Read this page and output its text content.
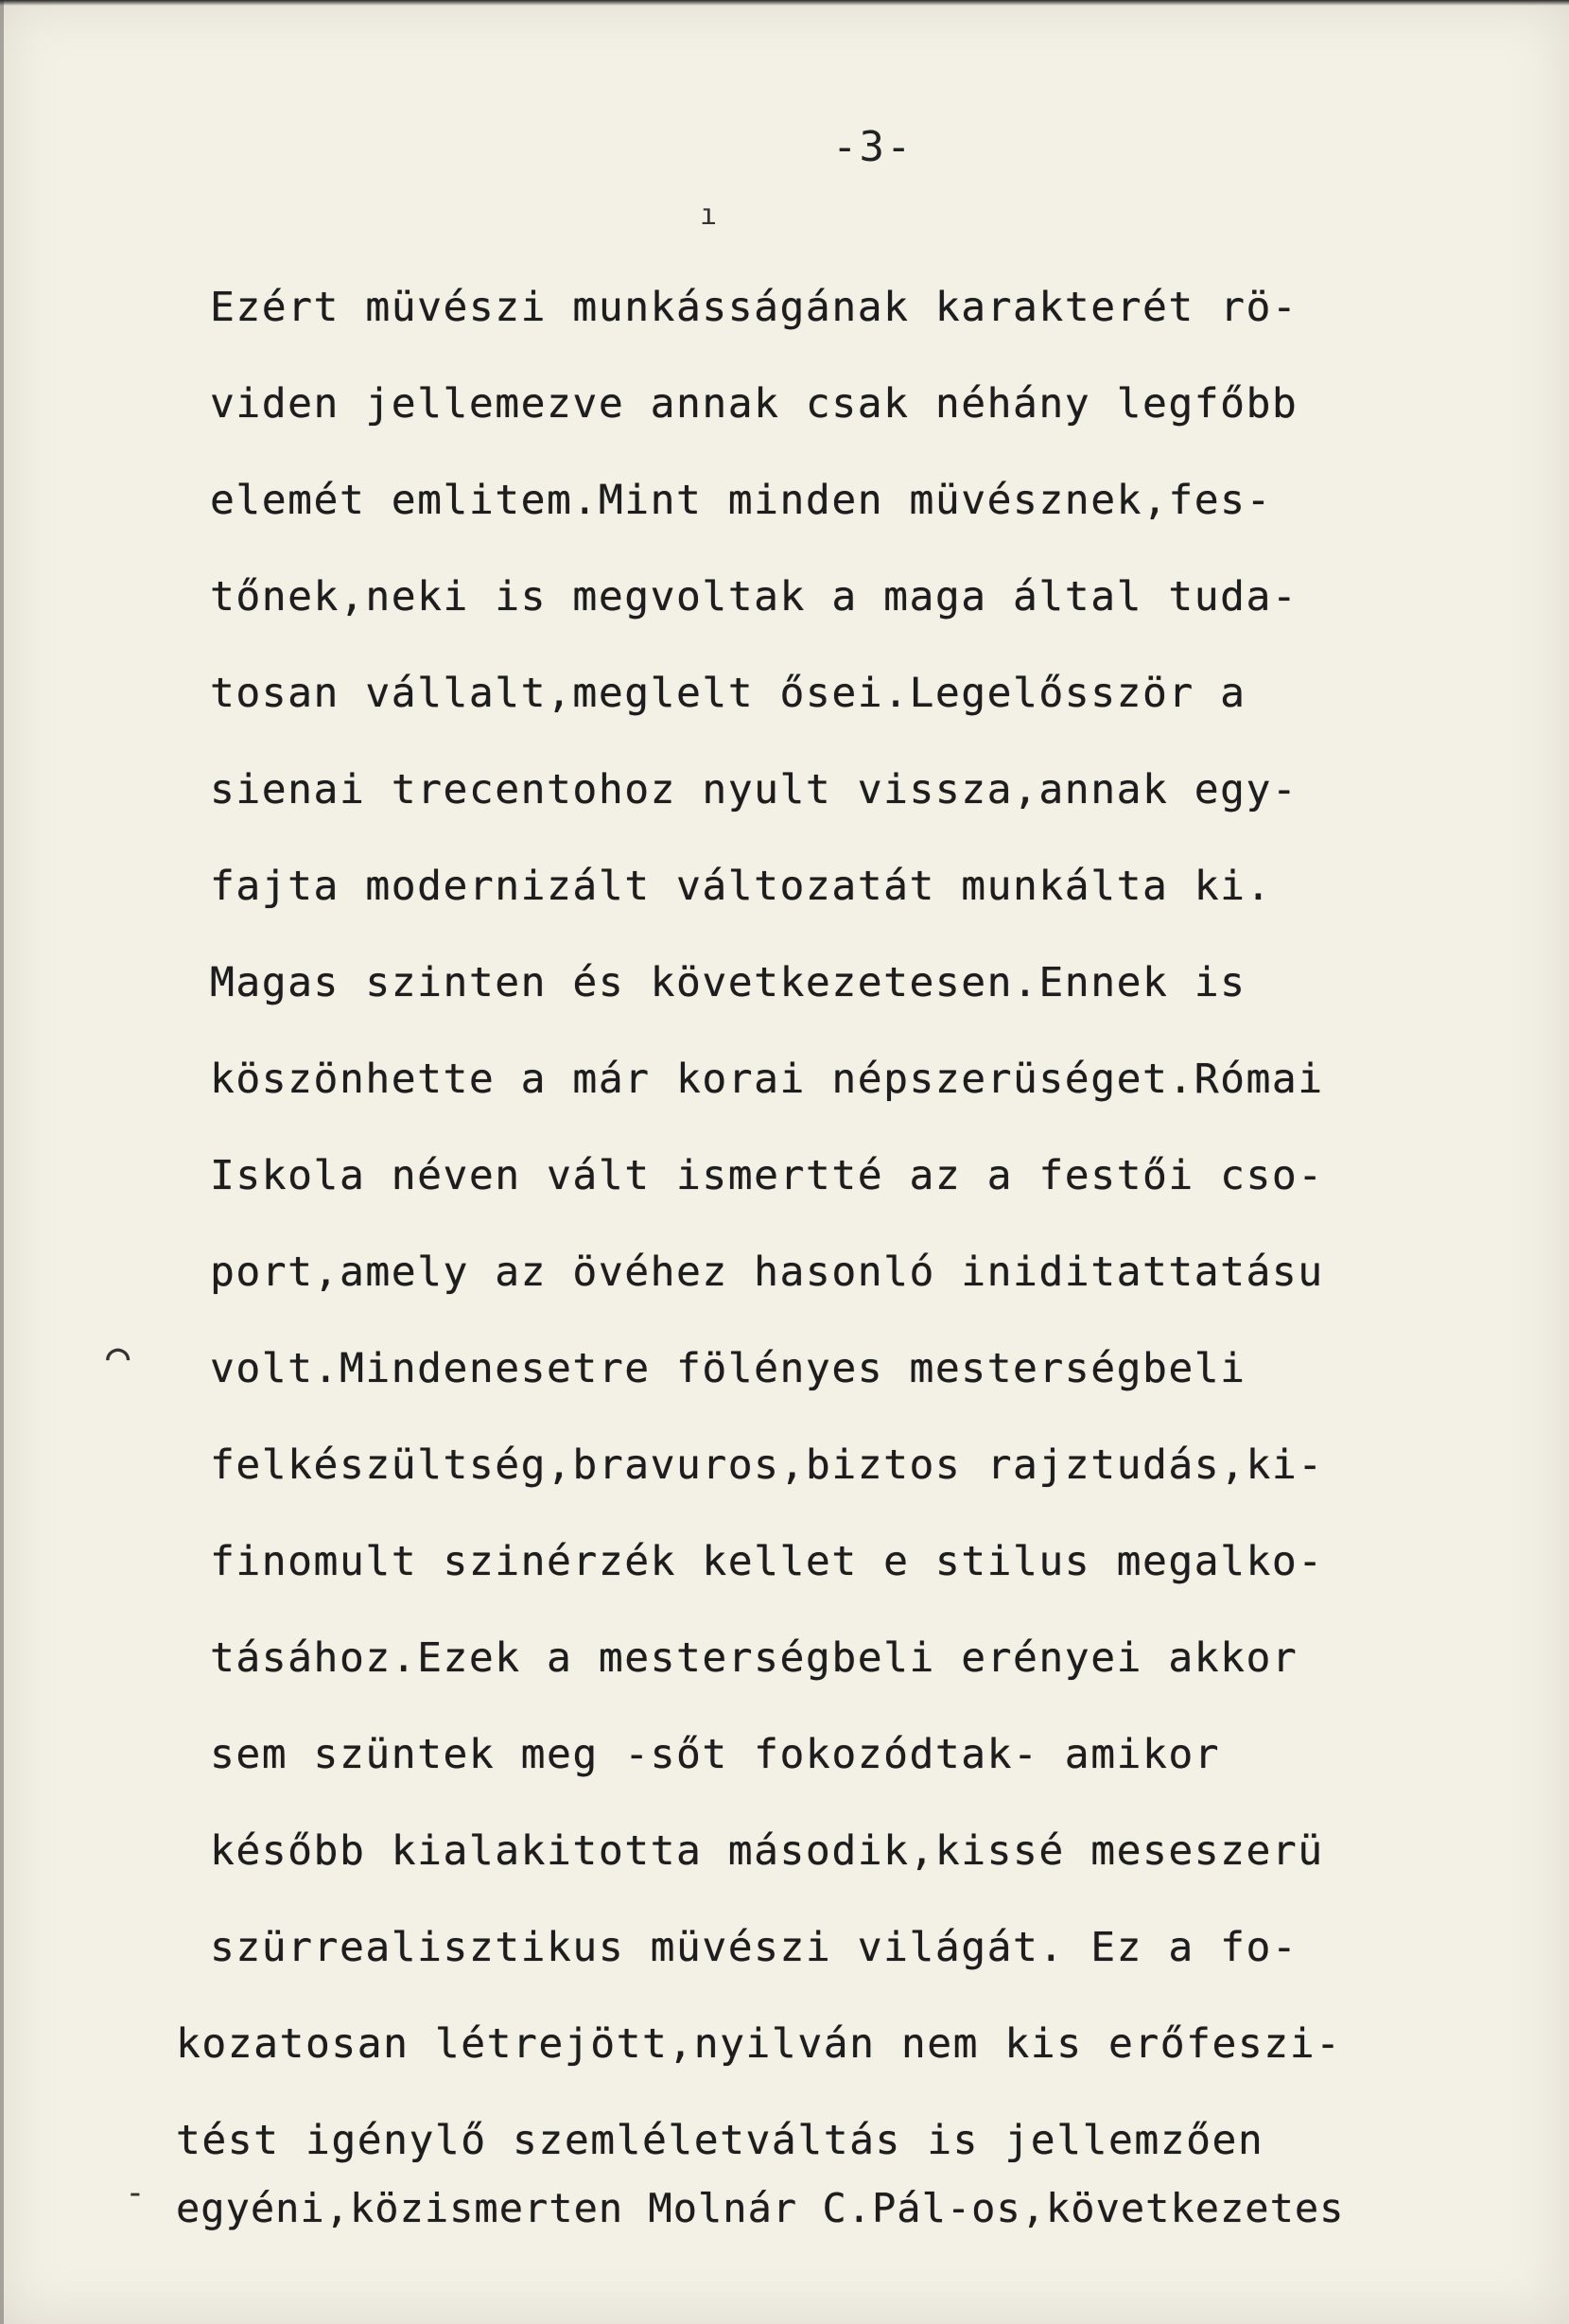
-3-
ı
⌒
-
Ezért müvészi munkásságának karakterét rö-
viden jellemezve annak csak néhány legfőbb
elemét emlitem.Mint minden müvésznek,fes-
tőnek,neki is megvoltak a maga által tuda-
tosan vállalt,meglelt ősei.Legelősször a
sienai trecentohoz nyult vissza,annak egy-
fajta modernizált változatát munkálta ki.
Magas szinten és következetesen.Ennek is
köszönhette a már korai népszerüséget.Római
Iskola néven vált ismertté az a festői cso-
port,amely az övéhez hasonló iniditattatásu
volt.Mindenesetre fölényes mesterségbeli
felkészültség,bravuros,biztos rajztudás,ki-
finomult szinérzék kellet e stilus megalko-
tásához.Ezek a mesterségbeli erényei akkor
sem szüntek meg -sőt fokozódtak- amikor
később kialakitotta második,kissé meseszerü
szürrealisztikus müvészi világát. Ez a fo-
kozatosan létrejött,nyilván nem kis erőfeszi-
tést igénylő szemléletváltás is jellemzően
egyéni,közismerten Molnár C.Pál-os,következetes
